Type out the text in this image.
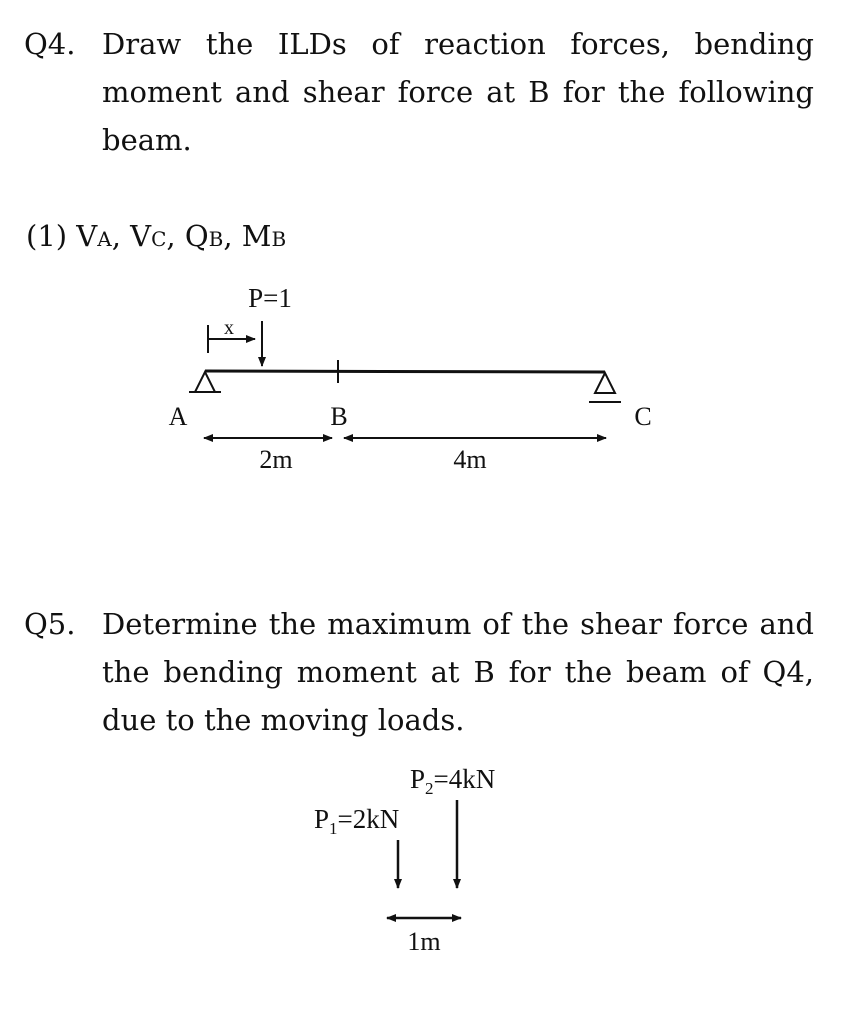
Q4. Draw the ILDs of reaction forces, bending moment and shear force at B for the following beam.
(1) VA, VC, QB, MB
Q5. Determine the maximum of the shear force and the bending moment at B for the beam of Q4, due to the moving loads.
P=1
x
A	B	C
2m	4m
$P_2=4kN$
$P_1=2kN$
1m
